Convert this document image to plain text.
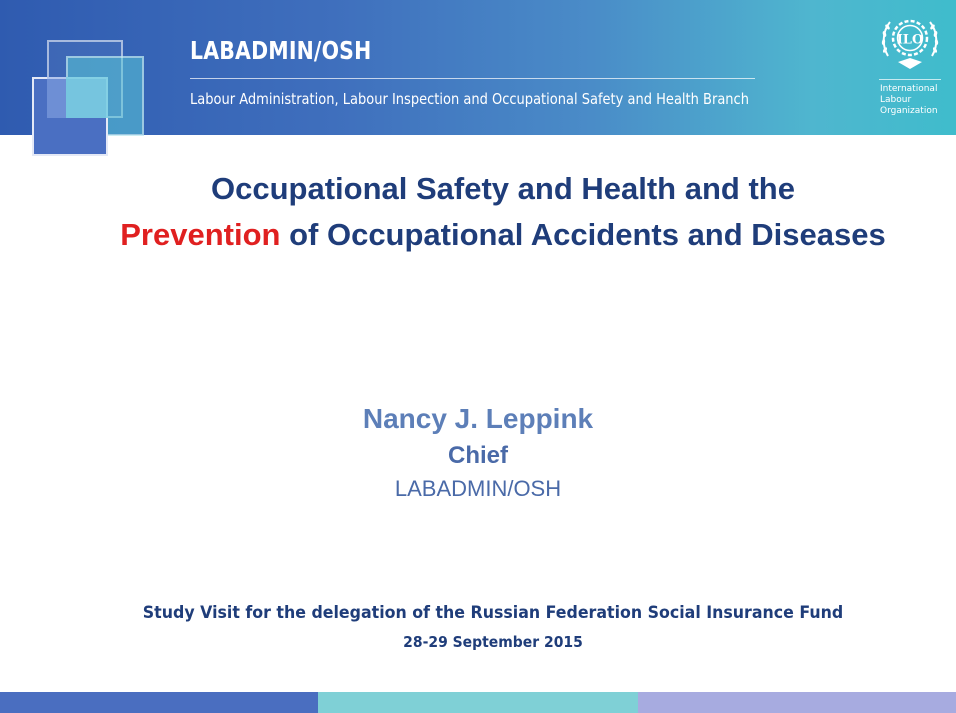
LABADMIN/OSH

Labour Administration, Labour Inspection and Occupational Safety and Health Branch

ILO

International Labour Organization

Occupational Safety and Health and the
Prevention of Occupational Accidents and Diseases

Nancy J. Leppink

Chief

LABADMIN/OSH

Study Visit for the delegation of the Russian Federation Social Insurance Fund

28-29 September 2015
